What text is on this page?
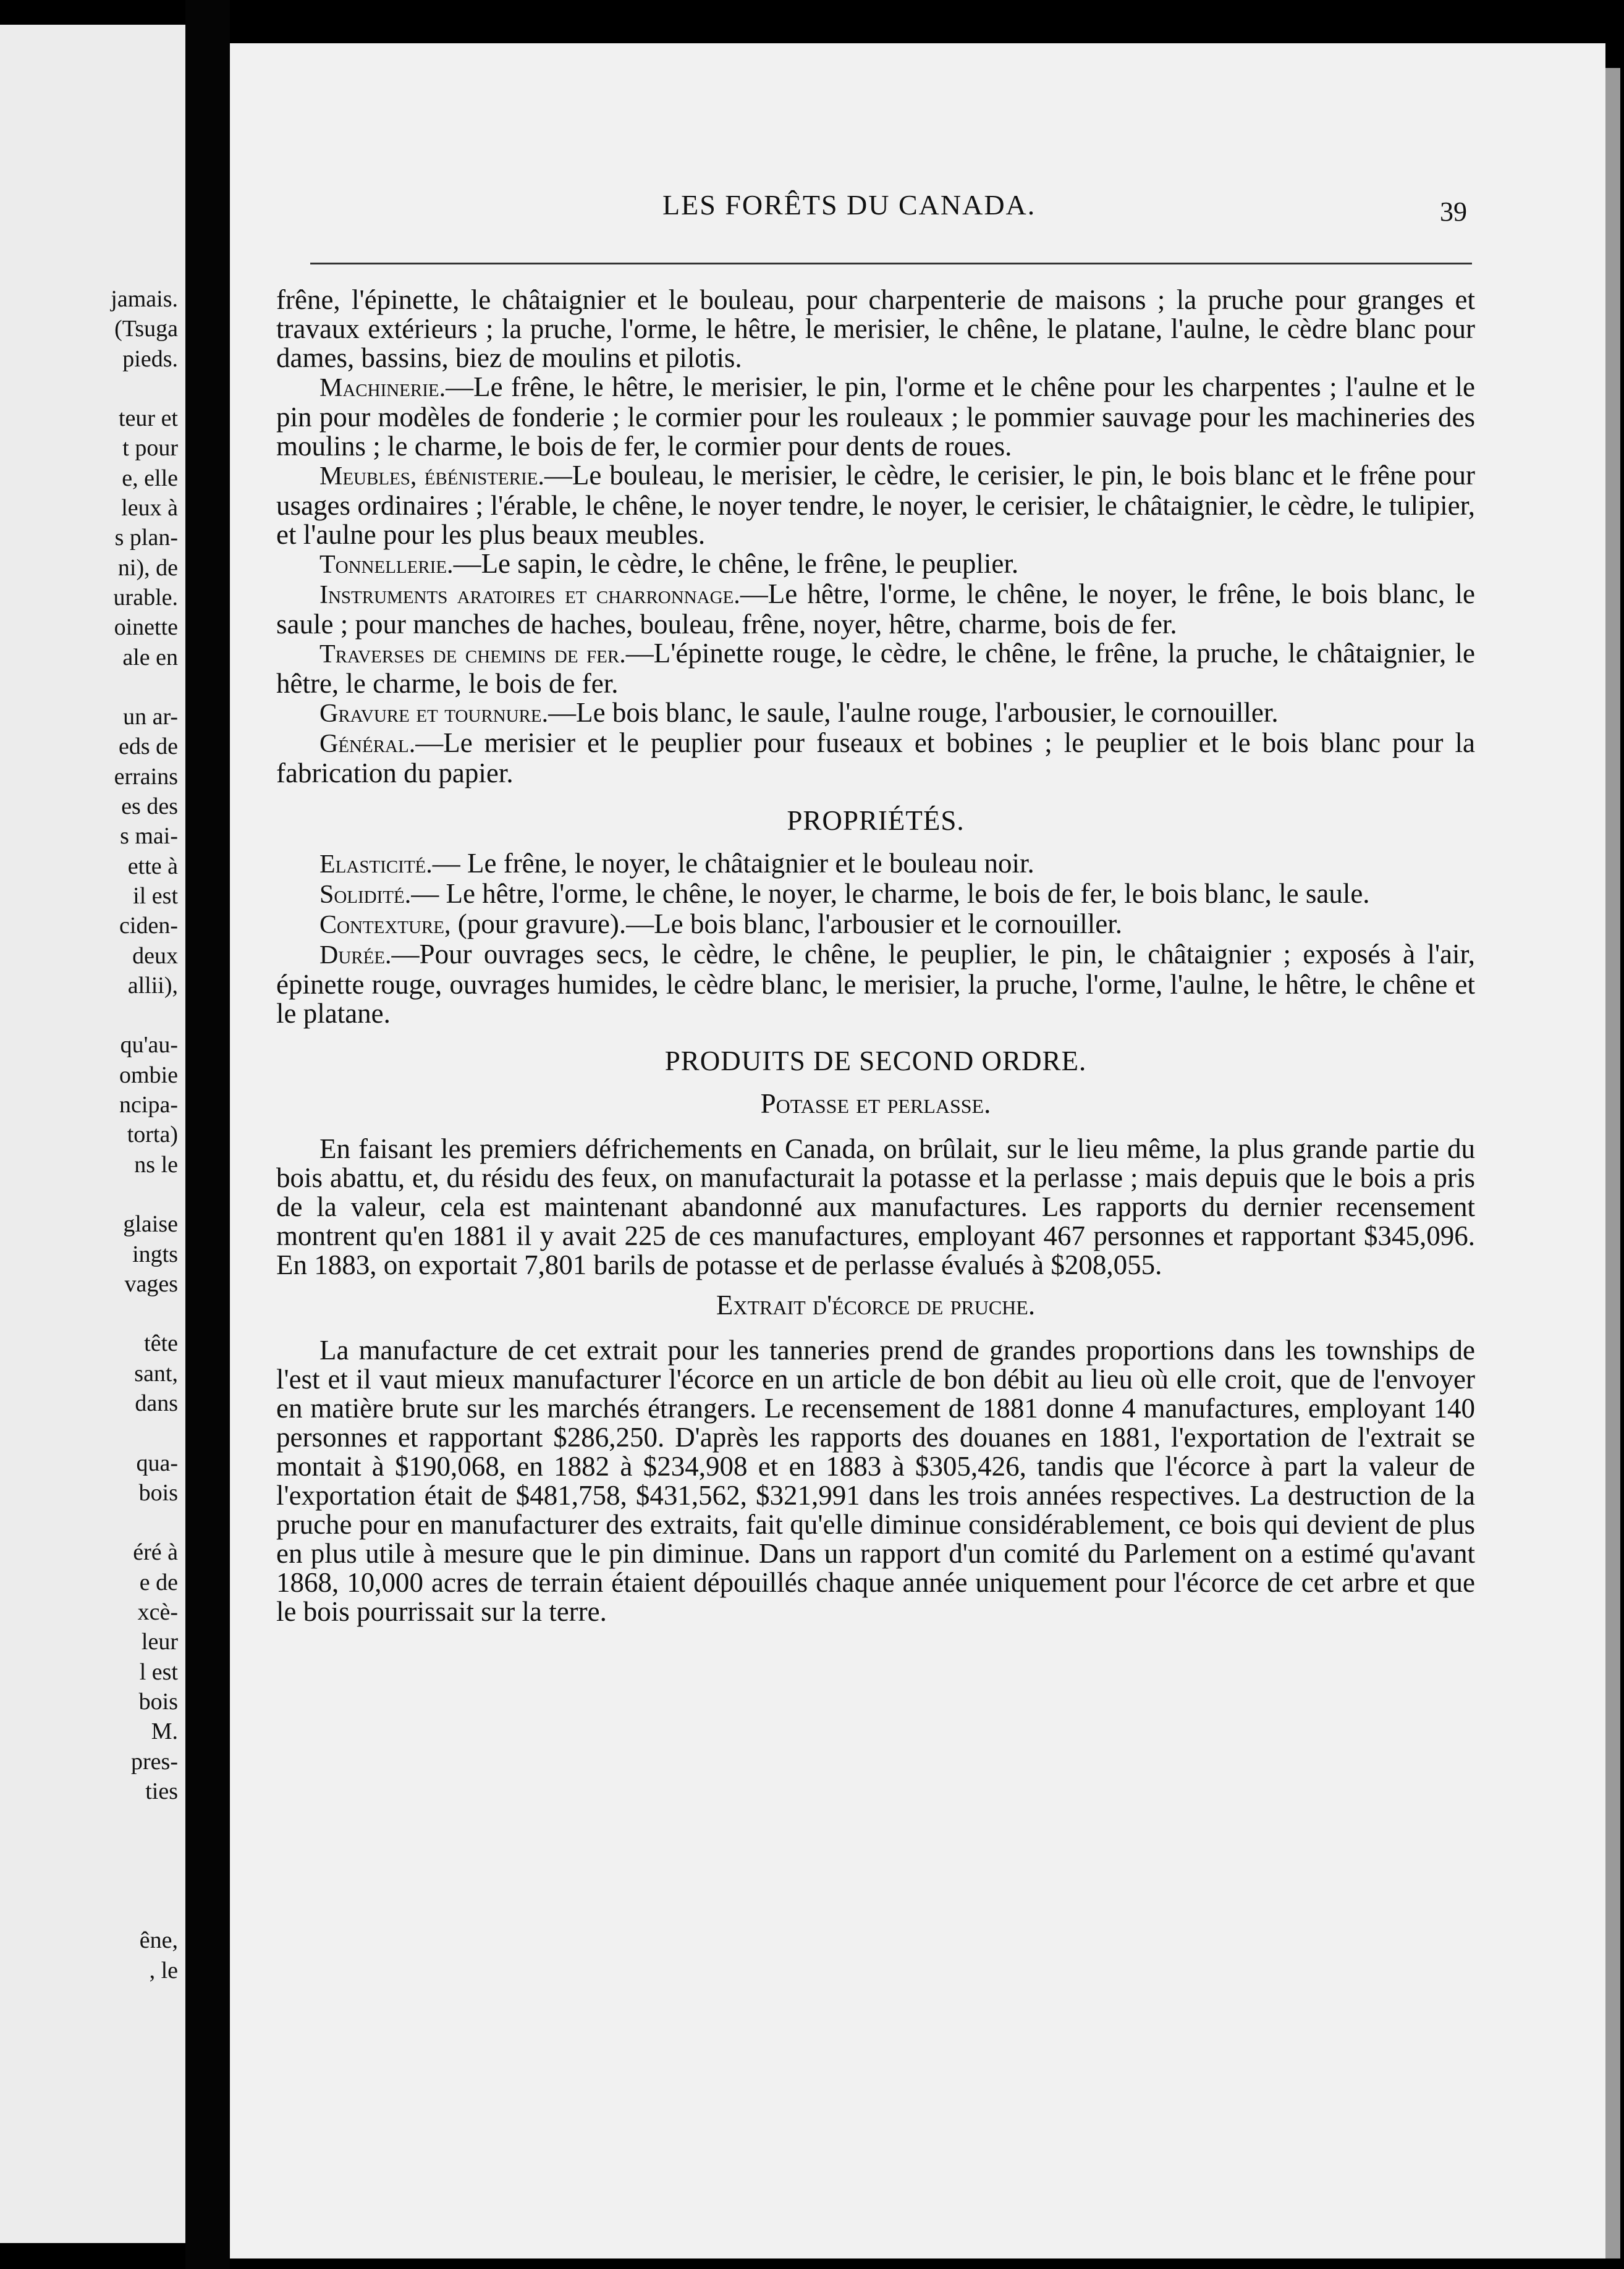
jamais.
(Tsuga
pieds.
teur et
t pour
e, elle
leux à
s plan-
ni), de
urable.
oinette
ale en
un ar-
eds de
errains
es des
s mai-
ette à
il est
ciden-
deux
allii),
qu'au-
ombie
ncipa-
torta)
ns le
glaise
ingts
vages
tête
sant,
dans
qua-
bois
éré à
e de
xcè-
leur
l est
bois
M.
pres-
ties
êne,
, le
LES FORÊTS DU CANADA.	39

frêne, l'épinette, le châtaignier et le bouleau, pour charpenterie de maisons ; la pruche pour granges et travaux extérieurs ; la pruche, l'orme, le hêtre, le merisier, le chêne, le platane, l'aulne, le cèdre blanc pour dames, bassins, biez de moulins et pilotis.

Machinerie.—Le frêne, le hêtre, le merisier, le pin, l'orme et le chêne pour les charpentes ; l'aulne et le pin pour modèles de fonderie ; le cormier pour les rouleaux ; le pommier sauvage pour les machineries des moulins ; le charme, le bois de fer, le cormier pour dents de roues.

Meubles, ébénisterie.—Le bouleau, le merisier, le cèdre, le cerisier, le pin, le bois blanc et le frêne pour usages ordinaires ; l'érable, le chêne, le noyer tendre, le noyer, le cerisier, le châtaignier, le cèdre, le tulipier, et l'aulne pour les plus beaux meubles.

Tonnellerie.—Le sapin, le cèdre, le chêne, le frêne, le peuplier.

Instruments aratoires et charronnage.—Le hêtre, l'orme, le chêne, le noyer, le frêne, le bois blanc, le saule ; pour manches de haches, bouleau, frêne, noyer, hêtre, charme, bois de fer.

Traverses de chemins de fer.—L'épinette rouge, le cèdre, le chêne, le frêne, la pruche, le châtaignier, le hêtre, le charme, le bois de fer.

Gravure et tournure.—Le bois blanc, le saule, l'aulne rouge, l'arbousier, le cornouiller.

Général.—Le merisier et le peuplier pour fuseaux et bobines ; le peuplier et le bois blanc pour la fabrication du papier.

PROPRIÉTÉS.

Elasticité.— Le frêne, le noyer, le châtaignier et le bouleau noir.

Solidité.— Le hêtre, l'orme, le chêne, le noyer, le charme, le bois de fer, le bois blanc, le saule.

Contexture, (pour gravure).—Le bois blanc, l'arbousier et le cornouiller.

Durée.—Pour ouvrages secs, le cèdre, le chêne, le peuplier, le pin, le châtaignier ; exposés à l'air, épinette rouge, ouvrages humides, le cèdre blanc, le merisier, la pruche, l'orme, l'aulne, le hêtre, le chêne et le platane.

PRODUITS DE SECOND ORDRE.

Potasse et perlasse.

En faisant les premiers défrichements en Canada, on brûlait, sur le lieu même, la plus grande partie du bois abattu, et, du résidu des feux, on manufacturait la potasse et la perlasse ; mais depuis que le bois a pris de la valeur, cela est maintenant abandonné aux manufactures. Les rapports du dernier recensement montrent qu'en 1881 il y avait 225 de ces manufactures, employant 467 personnes et rapportant $345,096. En 1883, on exportait 7,801 barils de potasse et de perlasse évalués à $208,055.

Extrait d'écorce de pruche.

La manufacture de cet extrait pour les tanneries prend de grandes proportions dans les townships de l'est et il vaut mieux manufacturer l'écorce en un article de bon débit au lieu où elle croit, que de l'envoyer en matière brute sur les marchés étrangers. Le recensement de 1881 donne 4 manufactures, employant 140 personnes et rapportant $286,250. D'après les rapports des douanes en 1881, l'exportation de l'extrait se montait à $190,068, en 1882 à $234,908 et en 1883 à $305,426, tandis que l'écorce à part la valeur de l'exportation était de $481,758, $431,562, $321,991 dans les trois années respectives. La destruction de la pruche pour en manufacturer des extraits, fait qu'elle diminue considérablement, ce bois qui devient de plus en plus utile à mesure que le pin diminue. Dans un rapport d'un comité du Parlement on a estimé qu'avant 1868, 10,000 acres de terrain étaient dépouillés chaque année uniquement pour l'écorce de cet arbre et que le bois pourrissait sur la terre.
